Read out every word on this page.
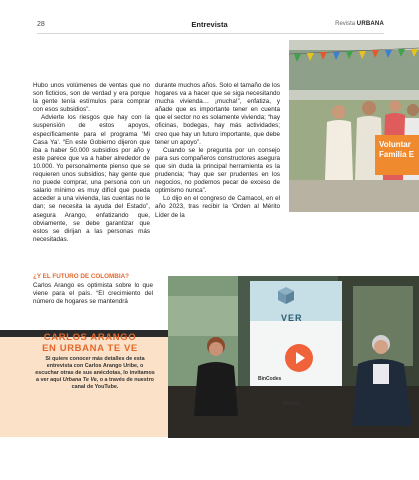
28	Entrevista	Revista URBANA

Hubo unos volúmenes de ventas que no son ficticios, son de verdad y era porque la gente tenía estímulos para comprar con esos subsidios”.

Advierte los riesgos que hay con la suspensión de estos apoyos, específicamente para el programa ‘Mi Casa Ya’. “En este Gobierno dijeron que iba a haber 50.000 subsidios por año y este parece que va a haber alrededor de 10.000. Yo personalmente pienso que se requieren unos subsidios; hay gente que no puede comprar, una persona con un salario mínimo es muy difícil que pueda acceder a una vivienda, las cuentas no le dan; se necesita la ayuda del Estado”, asegura Arango, enfatizando que, obviamente, se debe garantizar que estos se dirijan a las personas más necesitadas.

durante muchos años. Solo el tamaño de los hogares va a hacer que se siga necesitando mucha vivienda… ¡mucha!”, enfatiza, y añade que es importante tener en cuenta que el sector no es solamente vivienda; “hay oficinas, bodegas, hay más actividades; creo que hay un futuro importante, que debe tener un apoyo”.

Cuando se le pregunta por un consejo para sus compañeros constructores asegura que sin duda la principal herramienta es la prudencia; “hay que ser prudentes en los negocios, no podemos pecar de exceso de optimismo nunca”.

Lo dijo en el congreso de Camacol, en el año 2023, tras recibir la ‘Orden al Mérito Líder de la

¿Y EL FUTURO DE COLOMBIA?

Carlos Arango es optimista sobre lo que viene para el país. “El crecimiento del número de hogares se mantendrá

CARLOS ARANGO
EN URBANA TE VE

Si quiere conocer más detalles de esta entrevista con Carlos Arango Uribe, o escuchar otras de sus anécdotas, lo invitamos a ver aquí Urbana Te Ve, o a través de nuestro canal de YouTube.

Voluntar
Familia E
VER
BinCodes
RUIDO
